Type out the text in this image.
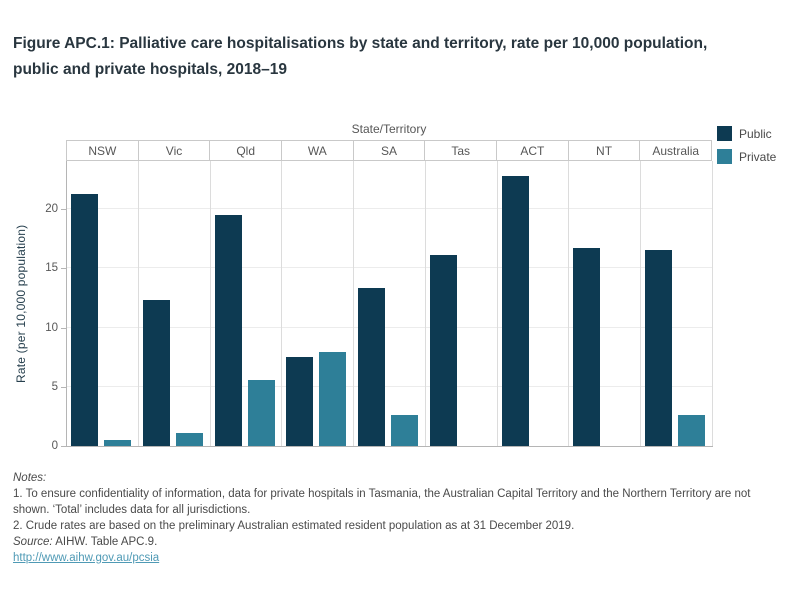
Figure APC.1: Palliative care hospitalisations by state and territory, rate per 10,000 population, public and private hospitals, 2018–19
State/Territory	Public
Private
NSW	Vic	Qld	WA	SA	Tas	ACT	NT	Australia
Rate (per 10,000 population)
Notes:
1. To ensure confidentiality of information, data for private hospitals in Tasmania, the Australian Capital Territory and the Northern Territory are not shown. ‘Total’ includes data for all jurisdictions.
2. Crude rates are based on the preliminary Australian estimated resident population as at 31 December 2019.
Source: AIHW. Table APC.9.
http://www.aihw.gov.au/pcsia
0
5
10
15
20
